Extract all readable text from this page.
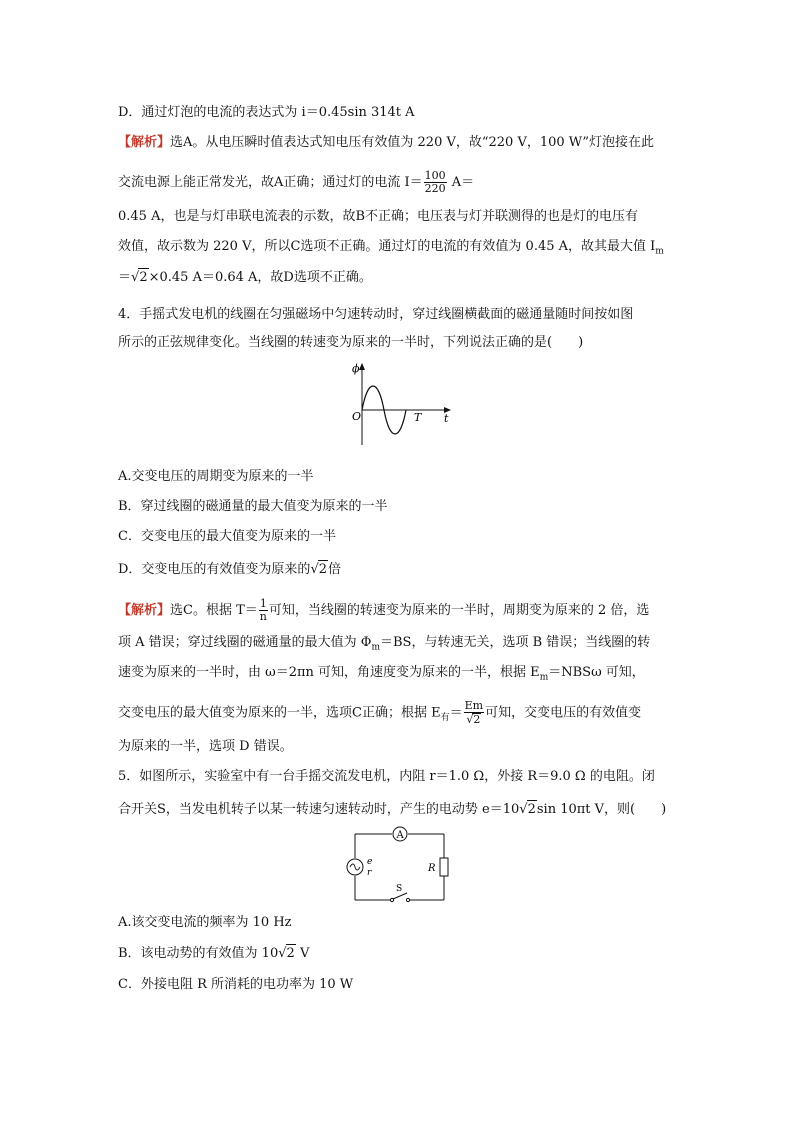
D．通过灯泡的电流的表达式为 i＝0.45sin 314t A
【解析】选A。从电压瞬时值表达式知电压有效值为 220 V，故“220 V，100 W”灯泡接在此
交流电源上能正常发光，故A正确；通过灯的电流 $I= \frac{100}{220} A=$
0.45 A，也是与灯串联电流表的示数，故B不正确；电压表与灯并联测得的也是灯的电压有
效值，故示数为 220 V，所以C选项不正确。通过灯的电流的有效值为 0.45 A，故其最大值 $I_m$
＝√2×0.45 A＝0.64 A，故D选项不正确。
4．手摇式发电机的线圈在匀强磁场中匀速转动时，穿过线圈横截面的磁通量随时间按如图
所示的正弦规律变化。当线圈的转速变为原来的一半时，下列说法正确的是(　　)
ϕ
O	T t
A.交变电压的周期变为原来的一半
B．穿过线圈的磁通量的最大值变为原来的一半
C．交变电压的最大值变为原来的一半
D．交变电压的有效值变为原来的√2倍
【解析】选C。根据 $T= \frac{1}{n}$ 可知，当线圈的转速变为原来的一半时，周期变为原来的 2 倍，选
项 A 错误；穿过线圈的磁通量的最大值为 $\Phi_m=BS$，与转速无关，选项 B 错误；当线圈的转
速变为原来的一半时，由 ω＝2πn 可知，角速度变为原来的一半，根据 $E_m=NBS\omega$ 可知，
交变电压的最大值变为原来的一半，选项C正确；根据 $E_有= \frac{Em}{√2}$ 可知，交变电压的有效值变
为原来的一半，选项 D 错误。
5．如图所示，实验室中有一台手摇交流发电机，内阻 r＝1.0 Ω，外接 R＝9.0 Ω 的电阻。闭
合开关S，当发电机转子以某一转速匀速转动时，产生的电动势 e＝10√2sin 10πt V，则(　　)
A
e
r	R
S
A.该交变电流的频率为 10 Hz
B．该电动势的有效值为 10√2 V
C．外接电阻 R 所消耗的电功率为 10 W
